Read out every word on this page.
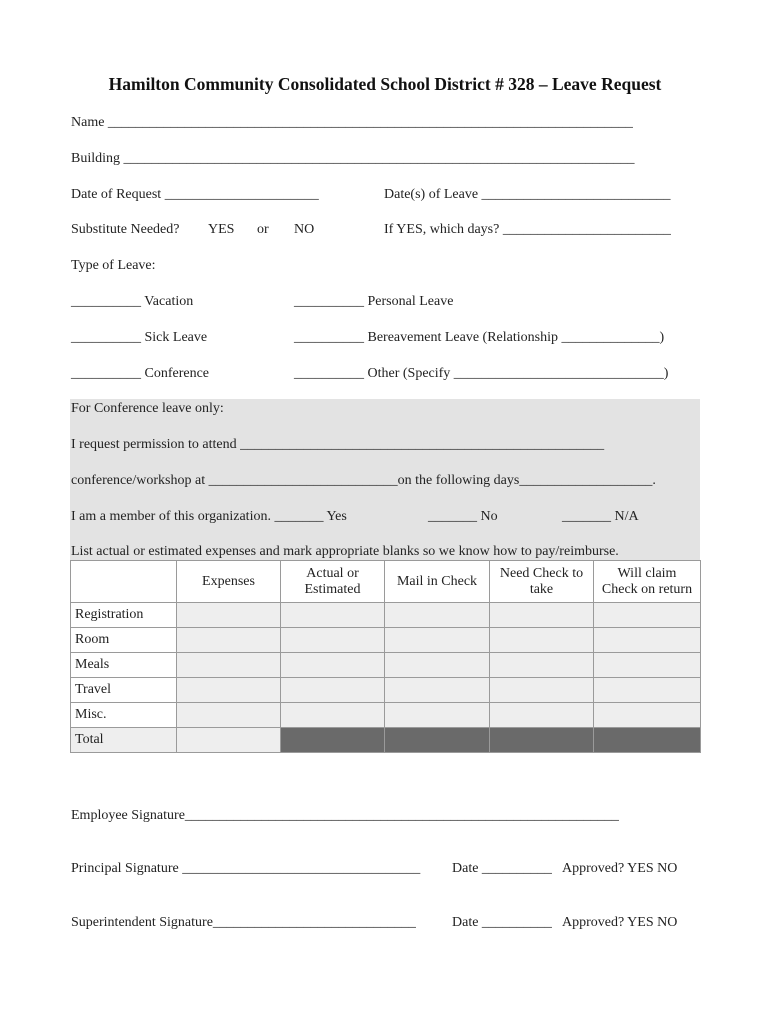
Hamilton Community Consolidated School District # 328 – Leave Request
Name ___________________________________________________________________________
Building _________________________________________________________________________
Date of Request ______________________	Date(s) of Leave ___________________________
Substitute Needed? YES or NO	If YES, which days? ________________________
Type of Leave:
__________ Vacation	__________ Personal Leave
__________ Sick Leave	__________ Bereavement Leave (Relationship ______________)
__________ Conference	__________ Other (Specify ______________________________)
For Conference leave only:
I request permission to attend ____________________________________________________
conference/workshop at ___________________________on the following days___________________.
I am a member of this organization. _______ Yes	_______ No	_______ N/A
List actual or estimated expenses and mark appropriate blanks so we know how to pay/reimburse.
	Expenses	Actual or Estimated	Mail in Check	Need Check to take	Will claim Check on return
Registration					
Room					
Meals					
Travel					
Misc.					
Total					
Employee Signature______________________________________________________________
Principal Signature __________________________________ Date __________ Approved? YES NO
Superintendent Signature_____________________________	Date __________ Approved? YES NO
